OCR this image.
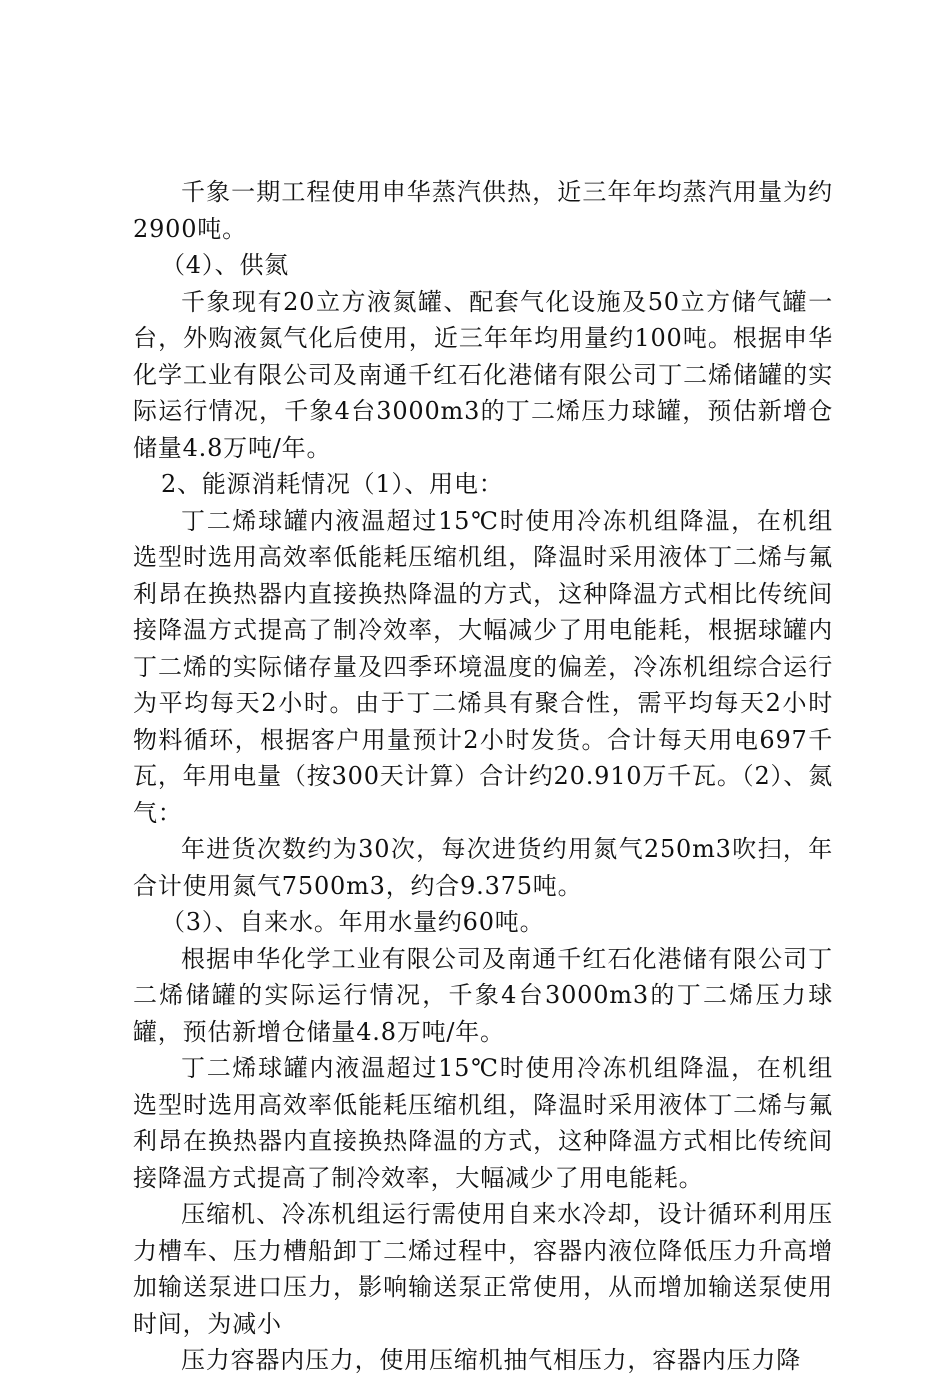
千象一期工程使用申华蒸汽供热，近三年年均蒸汽用量为约2900吨。

（4）、供氮

千象现有20立方液氮罐、配套气化设施及50立方储气罐一台，外购液氮气化后使用，近三年年均用量约100吨。根据申华化学工业有限公司及南通千红石化港储有限公司丁二烯储罐的实际运行情况，千象4台3000m3的丁二烯压力球罐，预估新增仓储量4.8万吨/年。

2、能源消耗情况（1）、用电：

丁二烯球罐内液温超过15℃时使用冷冻机组降温，在机组选型时选用高效率低能耗压缩机组，降温时采用液体丁二烯与氟利昂在换热器内直接换热降温的方式，这种降温方式相比传统间接降温方式提高了制冷效率，大幅减少了用电能耗，根据球罐内丁二烯的实际储存量及四季环境温度的偏差，冷冻机组综合运行为平均每天2小时。由于丁二烯具有聚合性，需平均每天2小时物料循环，根据客户用量预计2小时发货。合计每天用电697千瓦，年用电量（按300天计算）合计约20.910万千瓦。（2）、氮气：

年进货次数约为30次，每次进货约用氮气250m3吹扫，年合计使用氮气7500m3，约合9.375吨。

（3）、自来水。年用水量约60吨。

根据申华化学工业有限公司及南通千红石化港储有限公司丁二烯储罐的实际运行情况，千象4台3000m3的丁二烯压力球罐，预估新增仓储量4.8万吨/年。

丁二烯球罐内液温超过15℃时使用冷冻机组降温，在机组选型时选用高效率低能耗压缩机组，降温时采用液体丁二烯与氟利昂在换热器内直接换热降温的方式，这种降温方式相比传统间接降温方式提高了制冷效率，大幅减少了用电能耗。

压缩机、冷冻机组运行需使用自来水冷却，设计循环利用压力槽车、压力槽船卸丁二烯过程中，容器内液位降低压力升高增加输送泵进口压力，影响输送泵正常使用，从而增加输送泵使用时间，为减小

压力容器内压力，使用压缩机抽气相压力，容器内压力降
